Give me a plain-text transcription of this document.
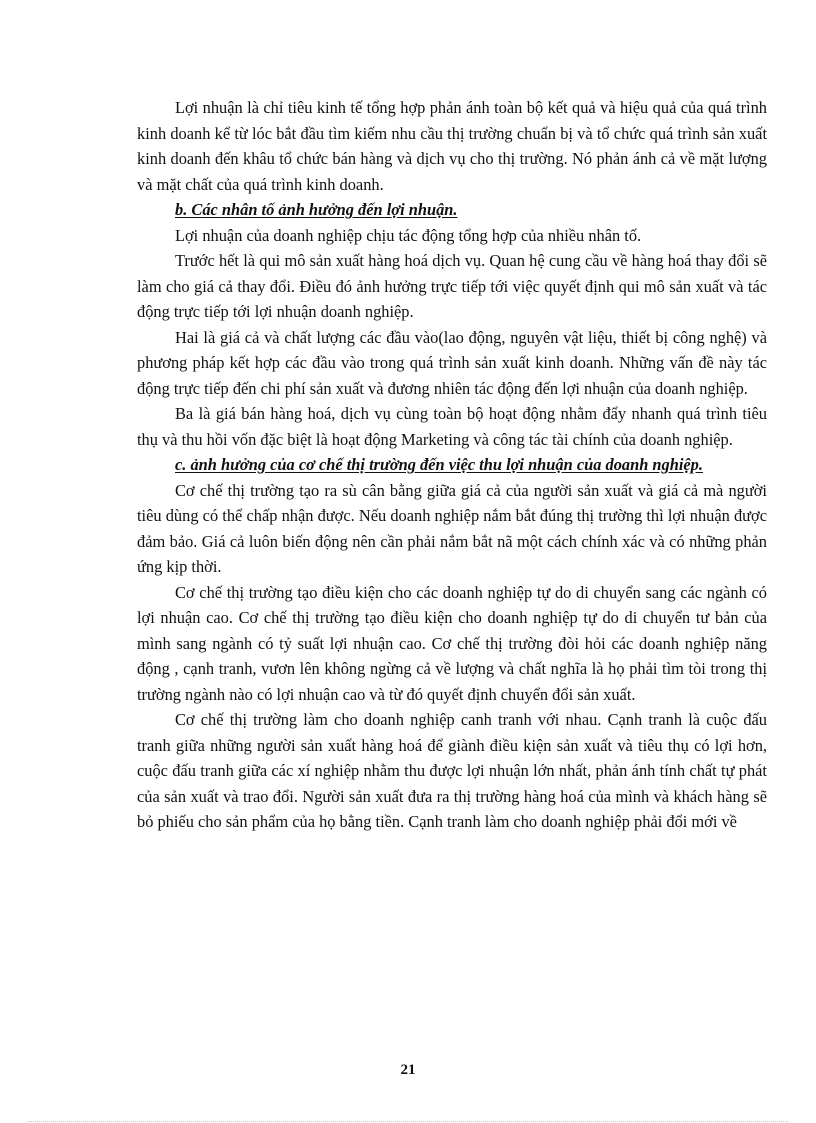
Lợi nhuận là chỉ tiêu kinh tế tổng hợp phản ánh toàn bộ kết quả và hiệu quả của quá trình kinh doanh kể từ lóc bắt đầu tìm kiếm nhu cầu thị trường chuẩn bị và tổ chức quá trình sản xuất kinh doanh đến khâu tổ chức bán hàng và dịch vụ cho thị trường. Nó phản ánh cả về mặt lượng và mặt chất của quá trình kinh doanh.

b. Các nhân tố ảnh hưởng đến lợi nhuận.

Lợi nhuận của doanh nghiệp chịu tác động tổng hợp của nhiều nhân tố.

Trước hết là qui mô sản xuất hàng hoá dịch vụ. Quan hệ cung cầu về hàng hoá thay đổi sẽ làm cho giá cả thay đổi. Điều đó ảnh hưởng trực tiếp tới việc quyết định qui mô sản xuất và tác động trực tiếp tới lợi nhuận doanh nghiệp.

Hai là giá cả và chất lượng các đầu vào(lao động, nguyên vật liệu, thiết bị công nghệ) và phương pháp kết hợp các đầu vào trong quá trình sản xuất kinh doanh. Những vấn đề này tác động trực tiếp đến chi phí sản xuất và đương nhiên tác động đến lợi nhuận của doanh nghiệp.

Ba là giá bán hàng hoá, dịch vụ cùng toàn bộ hoạt động nhằm đẩy nhanh quá trình tiêu thụ và thu hồi vốn đặc biệt là hoạt động Marketing và công tác tài chính của doanh nghiệp.

c. ảnh hưởng của cơ chế thị trường đến việc thu lợi nhuận của doanh nghiệp.

Cơ chế thị trường tạo ra sù cân bằng giữa giá cả của người sản xuất và giá cả mà người tiêu dùng có thể chấp nhận được. Nếu doanh nghiệp nắm bắt đúng thị trường thì lợi nhuận được đảm bảo. Giá cả luôn biến động nên cần phải nắm bắt nã một cách chính xác và có những phản ứng kịp thời.

Cơ chế thị trường tạo điều kiện cho các doanh nghiệp tự do di chuyển sang các ngành có lợi nhuận cao. Cơ chế thị trường tạo điều kiện cho doanh nghiệp tự do di chuyển tư bản của mình sang ngành có tỷ suất lợi nhuận cao. Cơ chế thị trường đòi hỏi các doanh nghiệp năng động , cạnh tranh, vươn lên không ngừng cả về lượng và chất nghĩa là họ phải tìm tòi trong thị trường ngành nào có lợi nhuận cao và từ đó quyết định chuyển đổi sản xuất.

Cơ chế thị trường làm cho doanh nghiệp canh tranh với nhau. Cạnh tranh là cuộc đấu tranh giữa những người sản xuất hàng hoá để giành điều kiện sản xuất và tiêu thụ có lợi hơn, cuộc đấu tranh giữa các xí nghiệp nhằm thu được lợi nhuận lớn nhất, phản ánh tính chất tự phát của sản xuất và trao đổi. Người sản xuất đưa ra thị trường hàng hoá của mình và khách hàng sẽ bỏ phiếu cho sản phẩm của họ bằng tiền. Cạnh tranh làm cho doanh nghiệp phải đổi mới về

21
